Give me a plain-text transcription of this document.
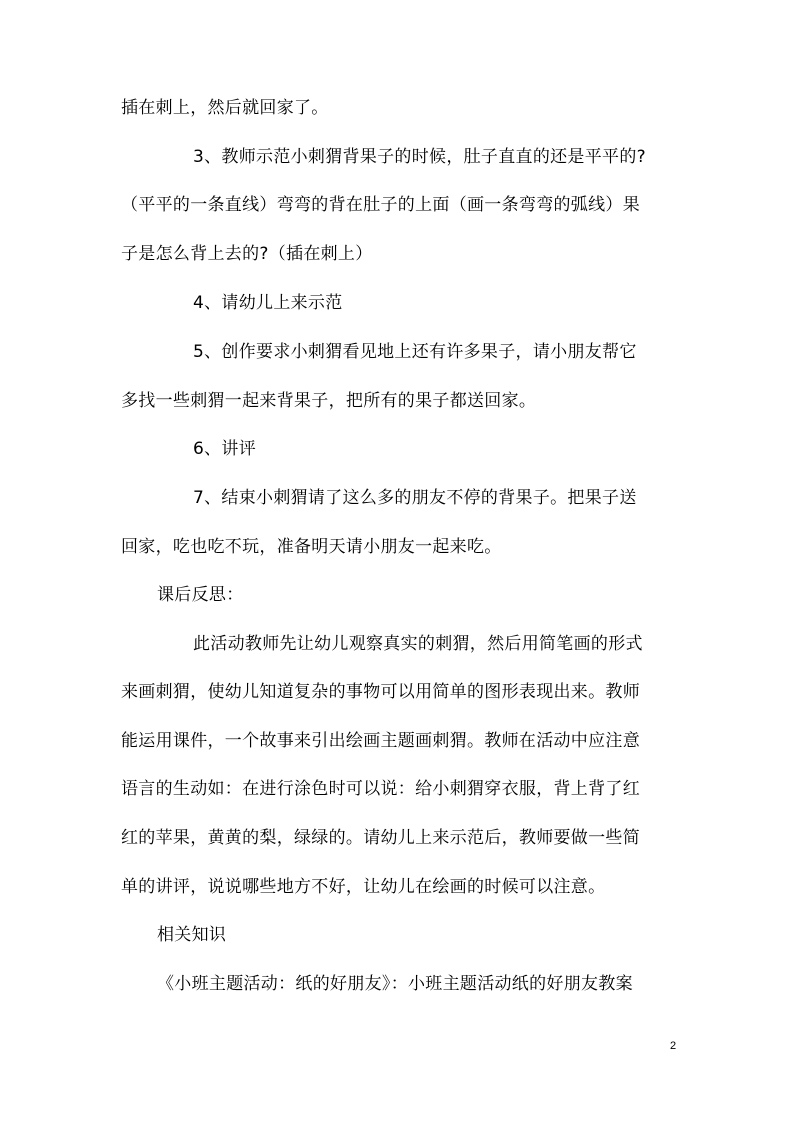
插在刺上，然后就回家了。
3、教师示范小刺猬背果子的时候，肚子直直的还是平平的?
（平平的一条直线）弯弯的背在肚子的上面（画一条弯弯的弧线）果
子是怎么背上去的?（插在刺上）
4、请幼儿上来示范
5、创作要求小刺猬看见地上还有许多果子，请小朋友帮它
多找一些刺猬一起来背果子，把所有的果子都送回家。
6、讲评
7、结束小刺猬请了这么多的朋友不停的背果子。把果子送
回家，吃也吃不玩，准备明天请小朋友一起来吃。
课后反思：
此活动教师先让幼儿观察真实的刺猬，然后用简笔画的形式
来画刺猬，使幼儿知道复杂的事物可以用简单的图形表现出来。教师
能运用课件，一个故事来引出绘画主题画刺猬。教师在活动中应注意
语言的生动如：在进行涂色时可以说：给小刺猬穿衣服，背上背了红
红的苹果，黄黄的梨，绿绿的。请幼儿上来示范后，教师要做一些简
单的讲评，说说哪些地方不好，让幼儿在绘画的时候可以注意。
相关知识
《小班主题活动：纸的好朋友》：小班主题活动纸的好朋友教案
2
